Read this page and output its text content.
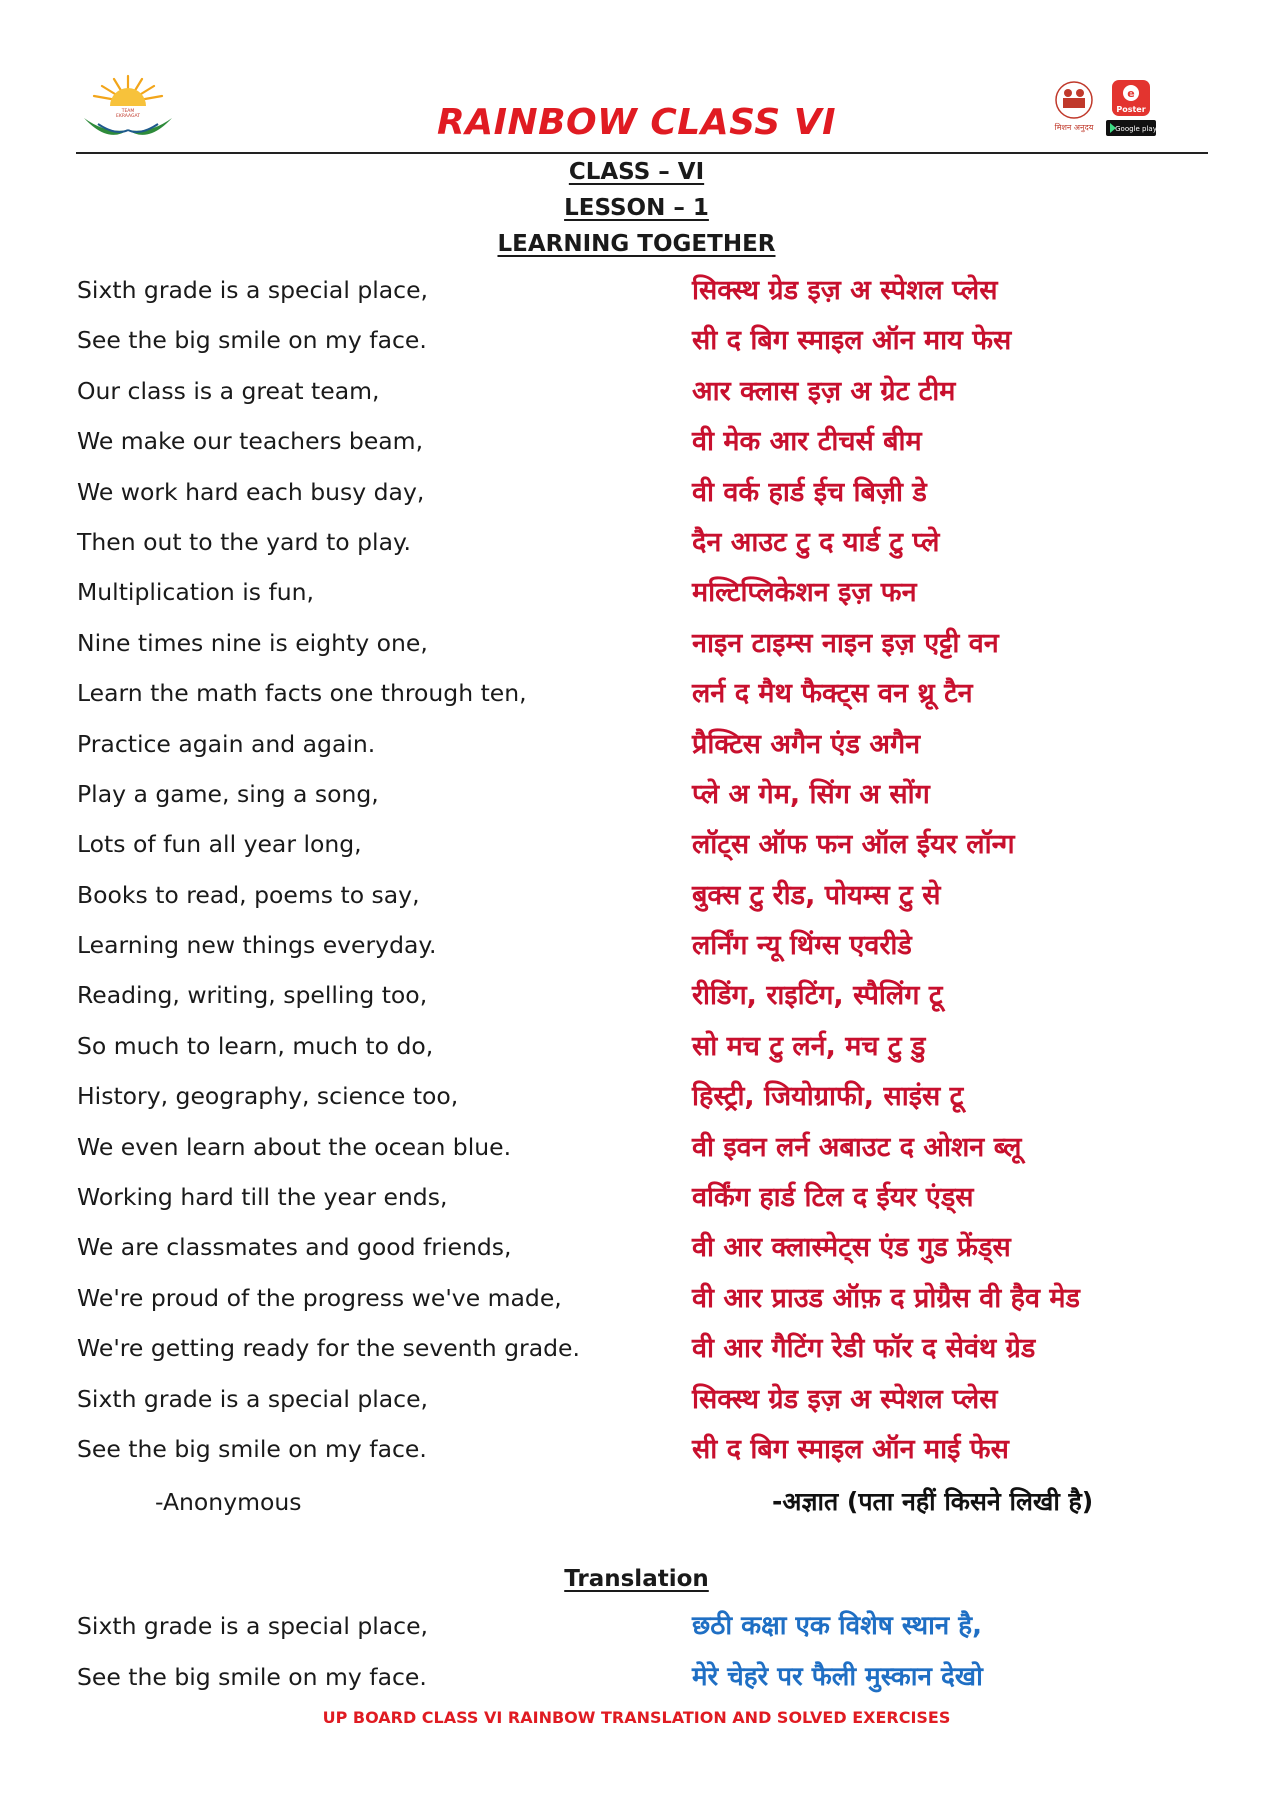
TEAM
EKRAAGAT
e
Poster
मिशन अनुदय	Google play
RAINBOW CLASS VI
CLASS – VI
LESSON – 1
LEARNING TOGETHER
Sixth grade is a special place,	सिक्स्थ ग्रेड इज़ अ स्पेशल प्लेस
See the big smile on my face.	सी द बिग स्माइल ऑन माय फेस
Our class is a great team,	आर क्लास इज़ अ ग्रेट टीम
We make our teachers beam,	वी मेक आर टीचर्स बीम
We work hard each busy day,	वी वर्क हार्ड ईच बिज़ी डे
Then out to the yard to play.	दैन आउट टु द यार्ड टु प्ले
Multiplication is fun,	मल्टिप्लिकेशन इज़ फन
Nine times nine is eighty one,	नाइन टाइम्स नाइन इज़ एट्टी वन
Learn the math facts one through ten,	लर्न द मैथ फैक्ट्स वन थ्रू टैन
Practice again and again.	प्रैक्टिस अगैन एंड अगैन
Play a game, sing a song,	प्ले अ गेम, सिंग अ सोंग
Lots of fun all year long,	लॉट्स ऑफ फन ऑल ईयर लॉन्ग
Books to read, poems to say,	बुक्स टु रीड, पोयम्स टु से
Learning new things everyday.	लर्निंग न्यू थिंग्स एवरीडे
Reading, writing, spelling too,	रीडिंग, राइटिंग, स्पैलिंग टू
So much to learn, much to do,	सो मच टु लर्न, मच टु डु
History, geography, science too,	हिस्ट्री, जियोग्राफी, साइंस टू
We even learn about the ocean blue.	वी इवन लर्न अबाउट द ओशन ब्लू
Working hard till the year ends,	वर्किंग हार्ड टिल द ईयर एंड्स
We are classmates and good friends,	वी आर क्लास्मेट्स एंड गुड फ्रेंड्स
We're proud of the progress we've made,	वी आर प्राउड ऑफ़ द प्रोग्रैस वी हैव मेड
We're getting ready for the seventh grade.	वी आर गैटिंग रेडी फॉर द सेवंथ ग्रेड
Sixth grade is a special place,	सिक्स्थ ग्रेड इज़ अ स्पेशल प्लेस
See the big smile on my face.	सी द बिग स्माइल ऑन माई फेस
-Anonymous	-अज्ञात (पता नहीं किसने लिखी है)
Translation
Sixth grade is a special place,	छठी कक्षा एक विशेष स्थान है,
See the big smile on my face.	मेरे चेहरे पर फैली मुस्कान देखो
UP BOARD CLASS VI RAINBOW TRANSLATION AND SOLVED EXERCISES
